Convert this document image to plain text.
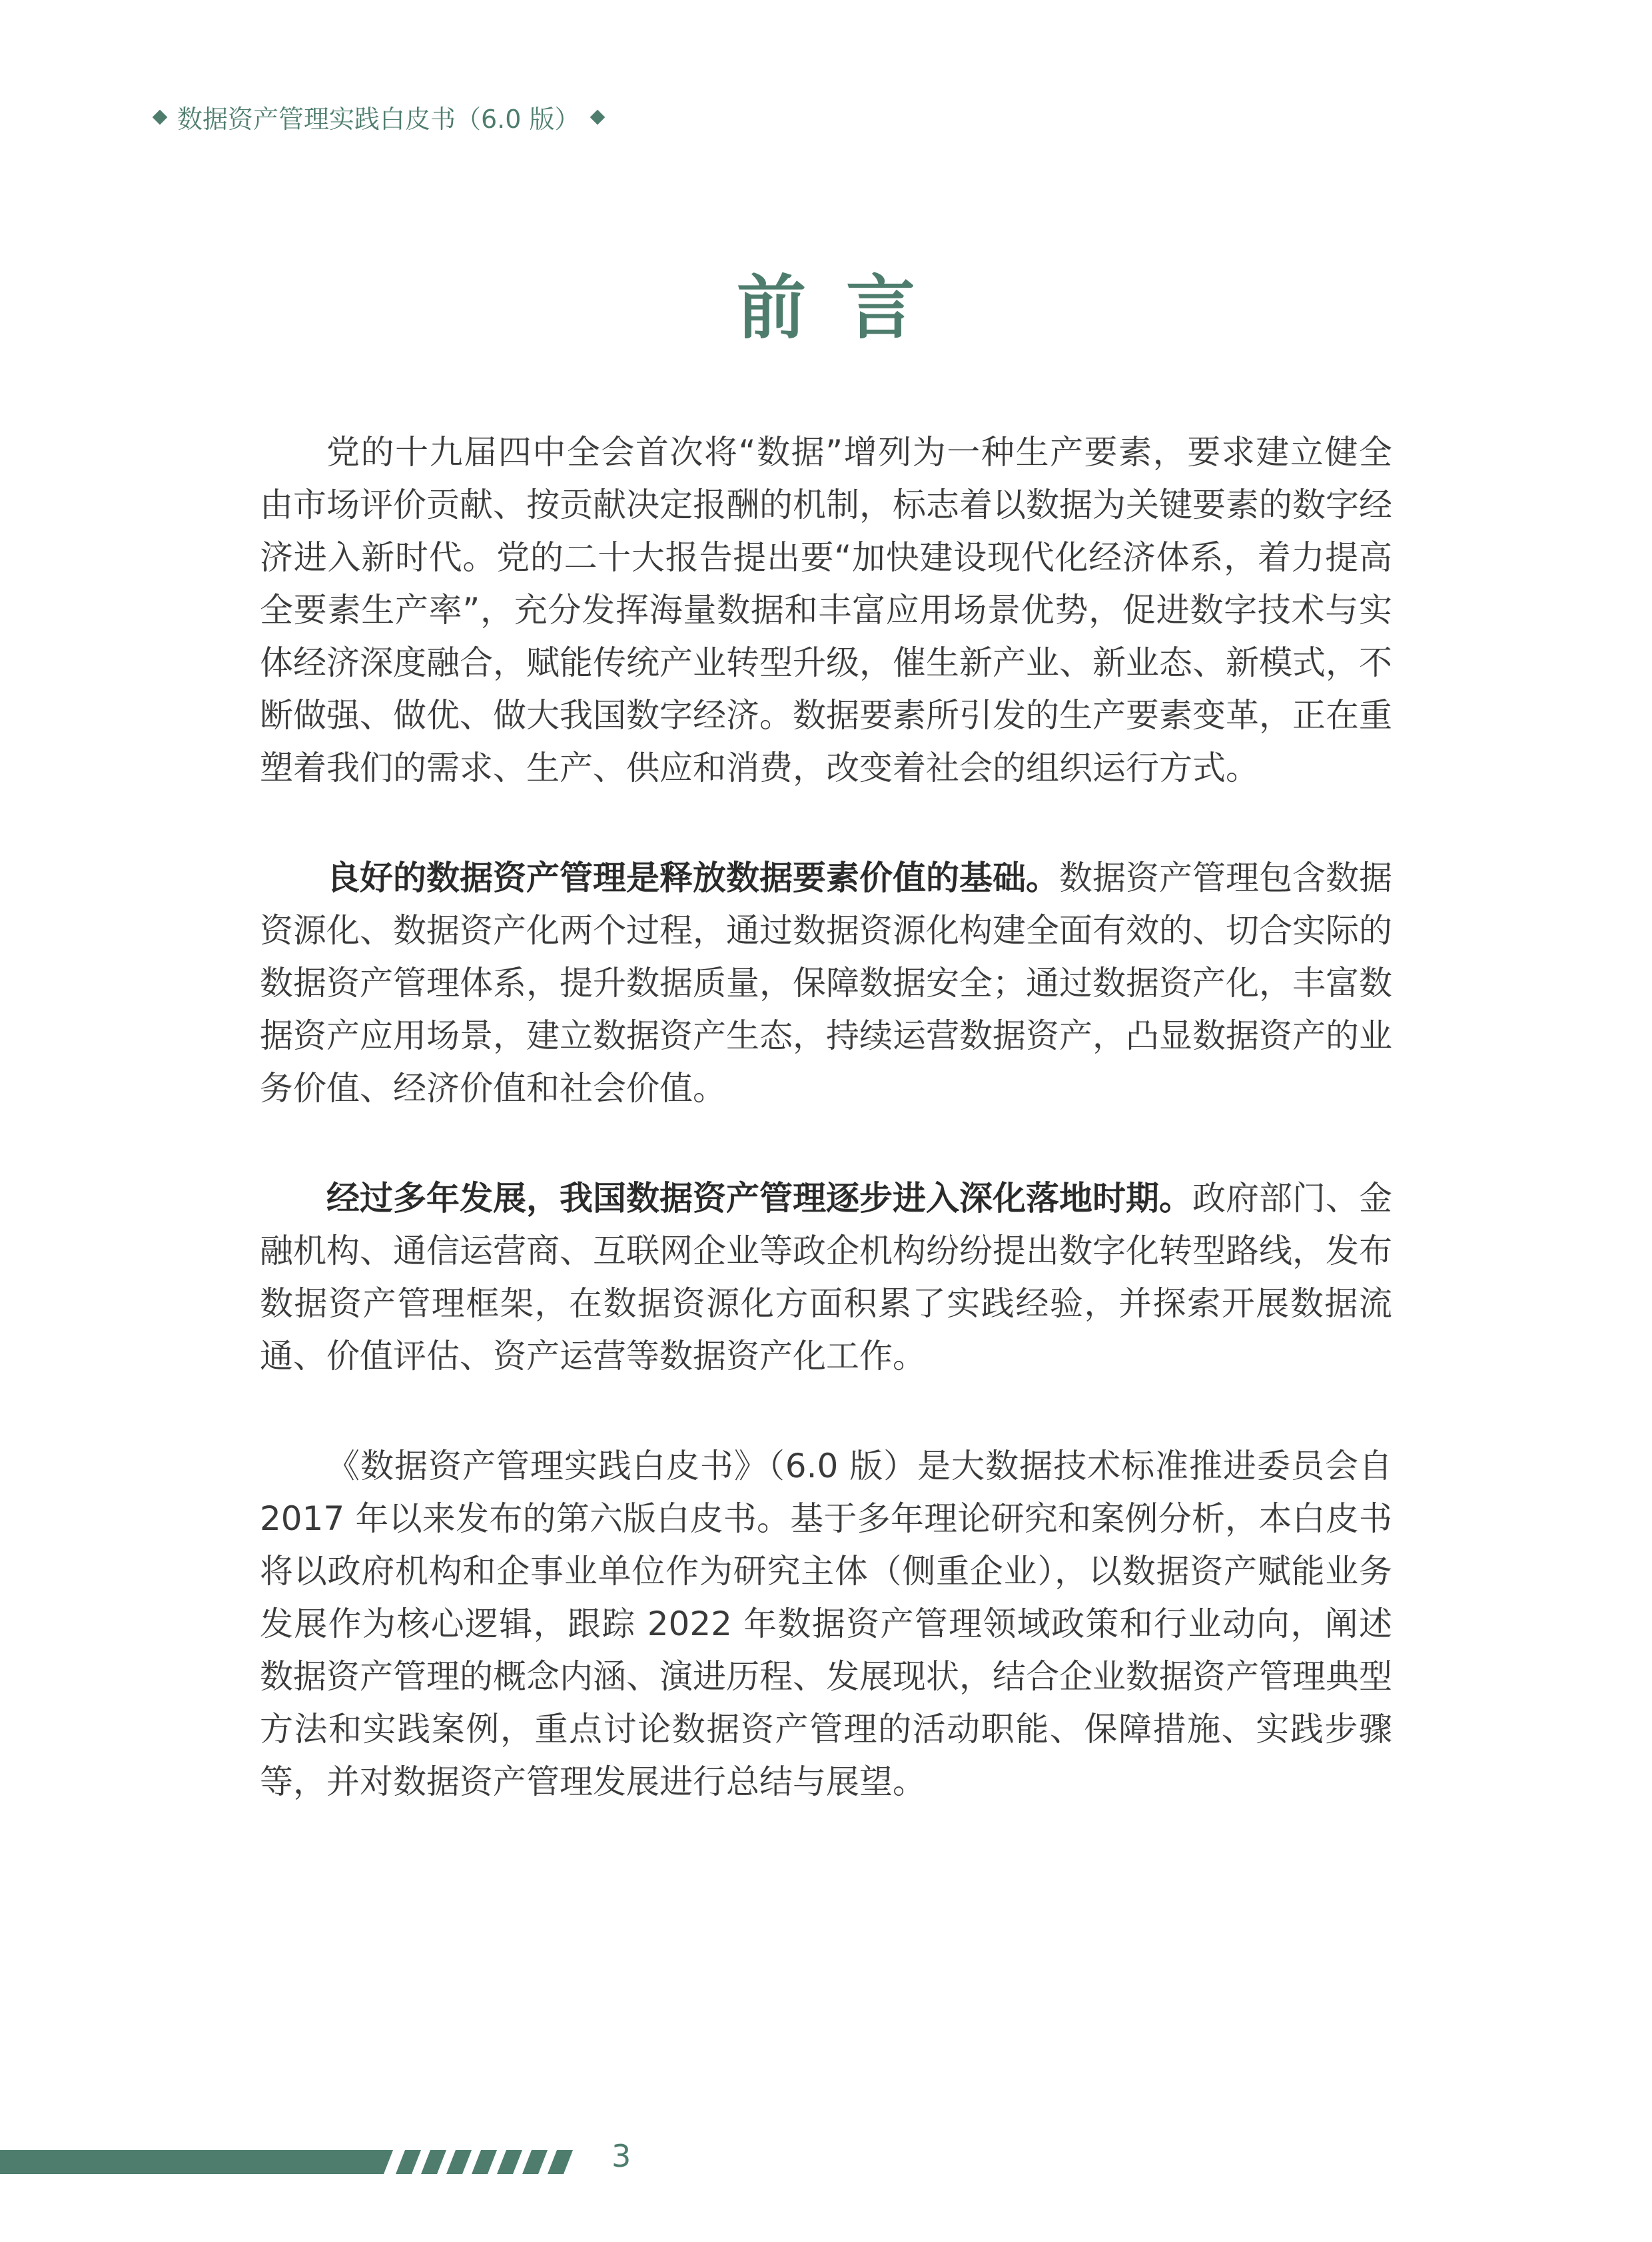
数据资产管理实践白皮书（6.0 版）
前言

党的十九届四中全会首次将“数据”增列为一种生产要素，要求建立健全由市场评价贡献、按贡献决定报酬的机制，标志着以数据为关键要素的数字经济进入新时代。党的二十大报告提出要“加快建设现代化经济体系，着力提高全要素生产率”，充分发挥海量数据和丰富应用场景优势，促进数字技术与实体经济深度融合，赋能传统产业转型升级，催生新产业、新业态、新模式，不断做强、做优、做大我国数字经济。数据要素所引发的生产要素变革，正在重塑着我们的需求、生产、供应和消费，改变着社会的组织运行方式。

良好的数据资产管理是释放数据要素价值的基础。数据资产管理包含数据资源化、数据资产化两个过程，通过数据资源化构建全面有效的、切合实际的数据资产管理体系，提升数据质量，保障数据安全；通过数据资产化，丰富数据资产应用场景，建立数据资产生态，持续运营数据资产，凸显数据资产的业务价值、经济价值和社会价值。

经过多年发展，我国数据资产管理逐步进入深化落地时期。政府部门、金融机构、通信运营商、互联网企业等政企机构纷纷提出数字化转型路线，发布数据资产管理框架，在数据资源化方面积累了实践经验，并探索开展数据流通、价值评估、资产运营等数据资产化工作。

《数据资产管理实践白皮书》（6.0 版）是大数据技术标准推进委员会自 2017 年以来发布的第六版白皮书。基于多年理论研究和案例分析，本白皮书将以政府机构和企事业单位作为研究主体（侧重企业），以数据资产赋能业务发展作为核心逻辑，跟踪 2022 年数据资产管理领域政策和行业动向，阐述数据资产管理的概念内涵、演进历程、发展现状，结合企业数据资产管理典型方法和实践案例，重点讨论数据资产管理的活动职能、保障措施、实践步骤等，并对数据资产管理发展进行总结与展望。

3
